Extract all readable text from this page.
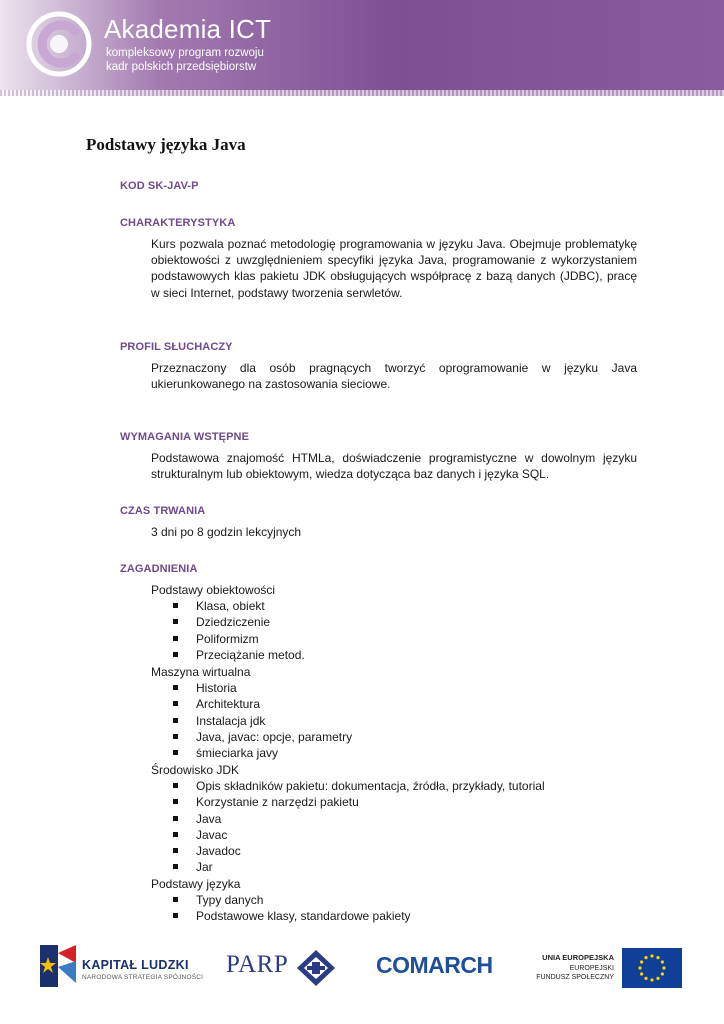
Akademia ICT
kompleksowy program rozwoju
kadr polskich przedsiębiorstw
Podstawy języka Java
KOD SK-JAV-P
CHARAKTERYSTYKA
Kurs pozwala poznać metodologię programowania w języku Java. Obejmuje problematykę obiektowości z uwzględnieniem specyfiki języka Java, programowanie z wykorzystaniem podstawowych klas pakietu JDK obsługujących współpracę z bazą danych (JDBC), pracę w sieci Internet, podstawy tworzenia serwletów.
PROFIL SŁUCHACZY
Przeznaczony dla osób pragnących tworzyć oprogramowanie w języku Java ukierunkowanego na zastosowania sieciowe.
WYMAGANIA WSTĘPNE
Podstawowa znajomość HTMLa, doświadczenie programistyczne w dowolnym języku strukturalnym lub obiektowym, wiedza dotycząca baz danych i języka SQL.
CZAS TRWANIA
3 dni po 8 godzin lekcyjnych
ZAGADNIENIA
Podstawy obiektowości
Klasa, obiekt
Dziedziczenie
Poliformizm
Przeciążanie metod.
Maszyna wirtualna
Historia
Architektura
Instalacja jdk
Java, javac: opcje, parametry
śmieciarka javy
Środowisko JDK
Opis składników pakietu: dokumentacja, źródła, przykłady, tutorial
Korzystanie z narzędzi pakietu
Java
Javac
Javadoc
Jar
Podstawy języka
Typy danych
Podstawowe klasy, standardowe pakiety
KAPITAŁ LUDZKI
NARODOWA STRATEGIA SPÓJNOŚCI PARP	COMARCH	UNIA EUROPEJSKA
EUROPEJSKI
FUNDUSZ SPOŁECZNY
